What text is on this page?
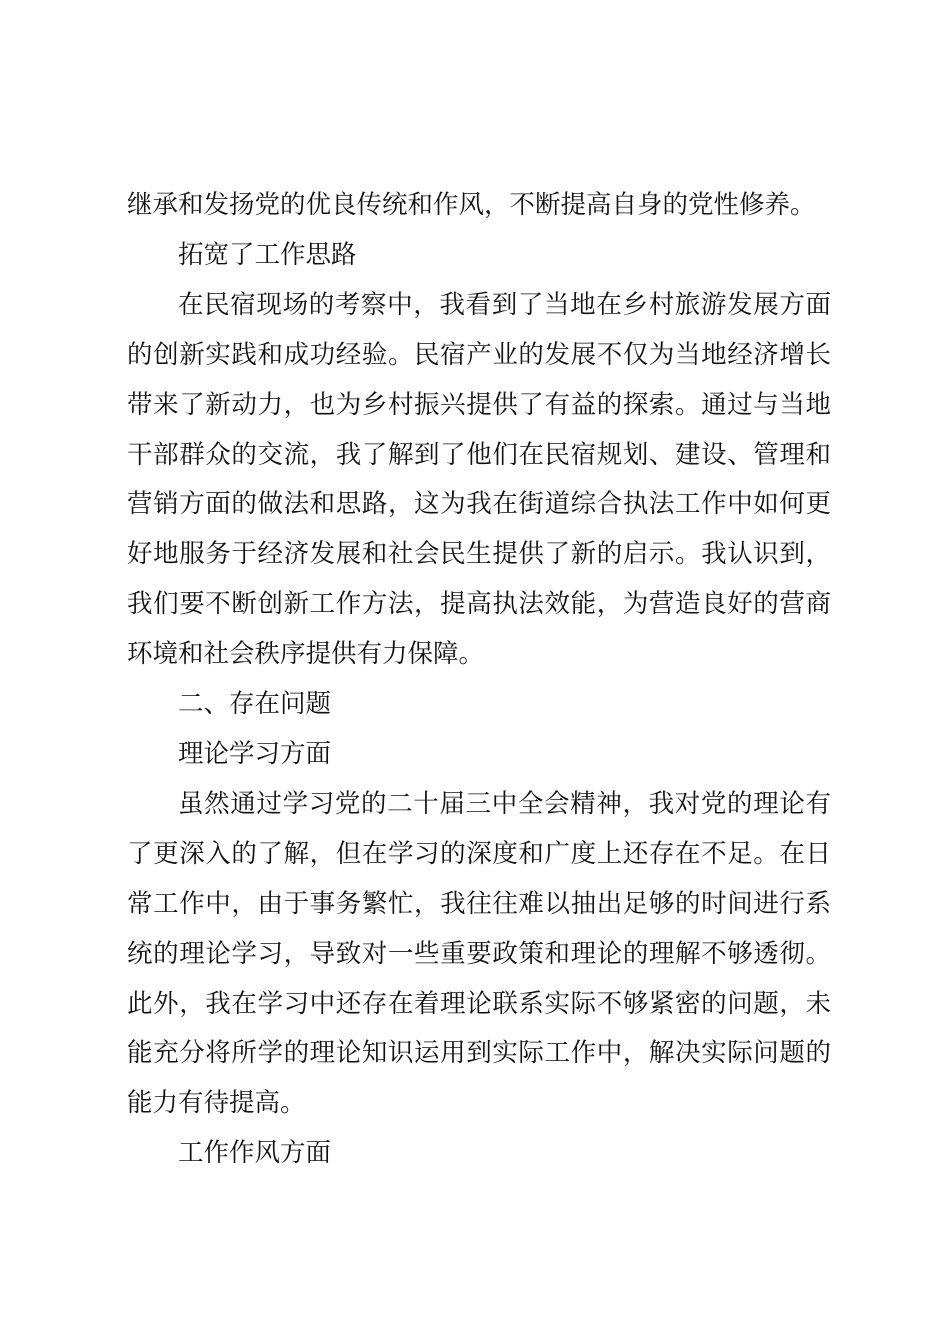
继承和发扬党的优良传统和作风，不断提高自身的党性修养。
拓宽了工作思路
在民宿现场的考察中，我看到了当地在乡村旅游发展方面
的创新实践和成功经验。民宿产业的发展不仅为当地经济增长
带来了新动力，也为乡村振兴提供了有益的探索。通过与当地
干部群众的交流，我了解到了他们在民宿规划、建设、管理和
营销方面的做法和思路，这为我在街道综合执法工作中如何更
好地服务于经济发展和社会民生提供了新的启示。我认识到，
我们要不断创新工作方法，提高执法效能，为营造良好的营商
环境和社会秩序提供有力保障。
二、存在问题
理论学习方面
虽然通过学习党的二十届三中全会精神，我对党的理论有
了更深入的了解，但在学习的深度和广度上还存在不足。在日
常工作中，由于事务繁忙，我往往难以抽出足够的时间进行系
统的理论学习，导致对一些重要政策和理论的理解不够透彻。
此外，我在学习中还存在着理论联系实际不够紧密的问题，未
能充分将所学的理论知识运用到实际工作中，解决实际问题的
能力有待提高。
工作作风方面
